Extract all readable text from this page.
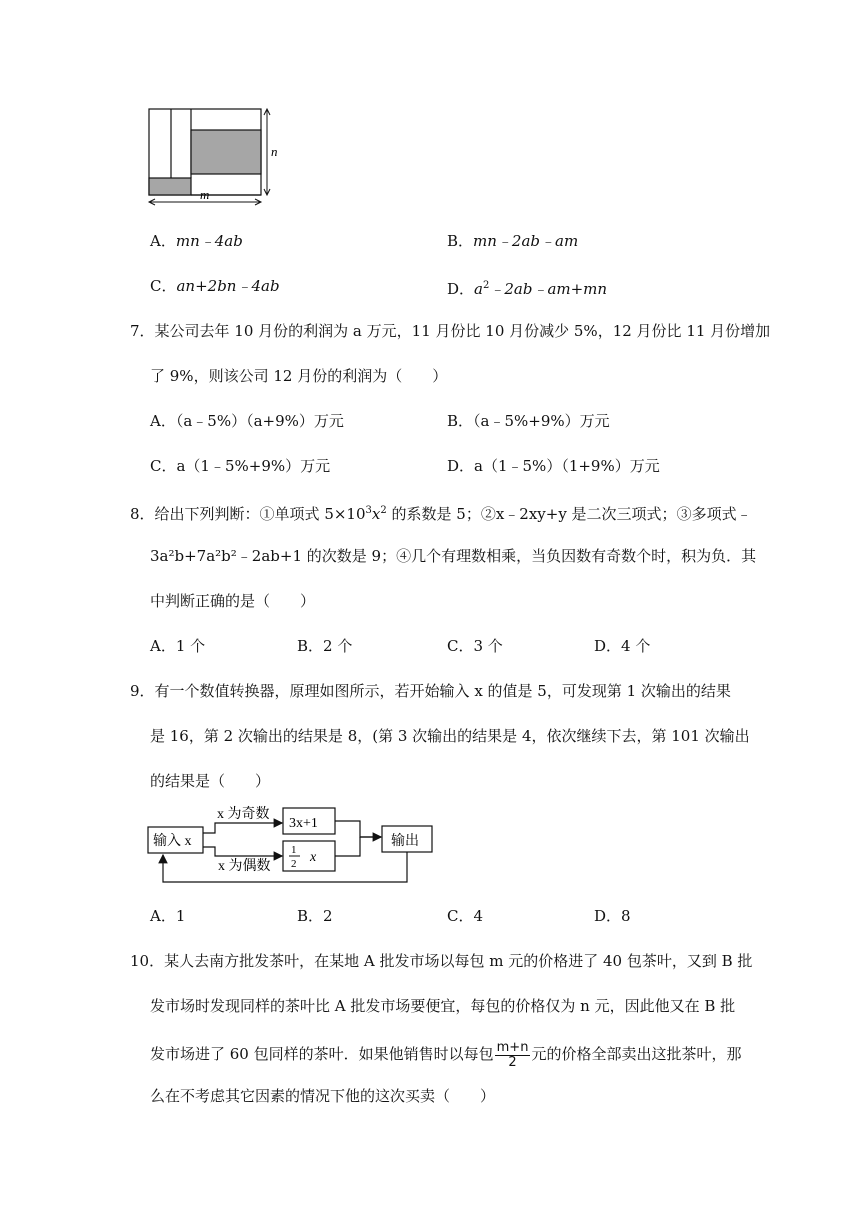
n
m
A．mn﹣4ab	B．mn﹣2ab﹣am
C．an+2bn﹣4ab	D．$a^2﹣2ab﹣am+mn$
7．某公司去年 10 月份的利润为 a 万元，11 月份比 10 月份减少 5%，12 月份比 11 月份增加
了 9%，则该公司 12 月份的利润为（　　）
A．（a﹣5%）（a+9%）万元	B．（a﹣5%+9%）万元
C．a（1﹣5%+9%）万元	D．a（1﹣5%）（1+9%）万元
8．给出下列判断：①单项式 $5\times 10^3x^2$ 的系数是 5；②x﹣2xy+y 是二次三项式；③多项式﹣
3a²b+7a²b²﹣2ab+1 的次数是 9；④几个有理数相乘，当负因数有奇数个时，积为负．其
中判断正确的是（　　）
A．1 个	B．2 个	C．3 个	D．4 个
9．有一个数值转换器，原理如图所示，若开始输入 x 的值是 5，可发现第 1 次输出的结果
是 16，第 2 次输出的结果是 8，(第 3 次输出的结果是 4，依次继续下去，第 101 次输出
的结果是（　　）
输入 x
x 为奇数
3x+1
x 为偶数
1
2 x
输出
A．1	B．2	C．4	D．8
10．某人去南方批发茶叶，在某地 A 批发市场以每包 m 元的价格进了 40 包茶叶，又到 B 批
发市场时发现同样的茶叶比 A 批发市场要便宜，每包的价格仅为 n 元，因此他又在 B 批
发市场进了 60 包同样的茶叶．如果他销售时以每包 $\frac{m+n}{2}$ 元的价格全部卖出这批茶叶，那
么在不考虑其它因素的情况下他的这次买卖（　　）
